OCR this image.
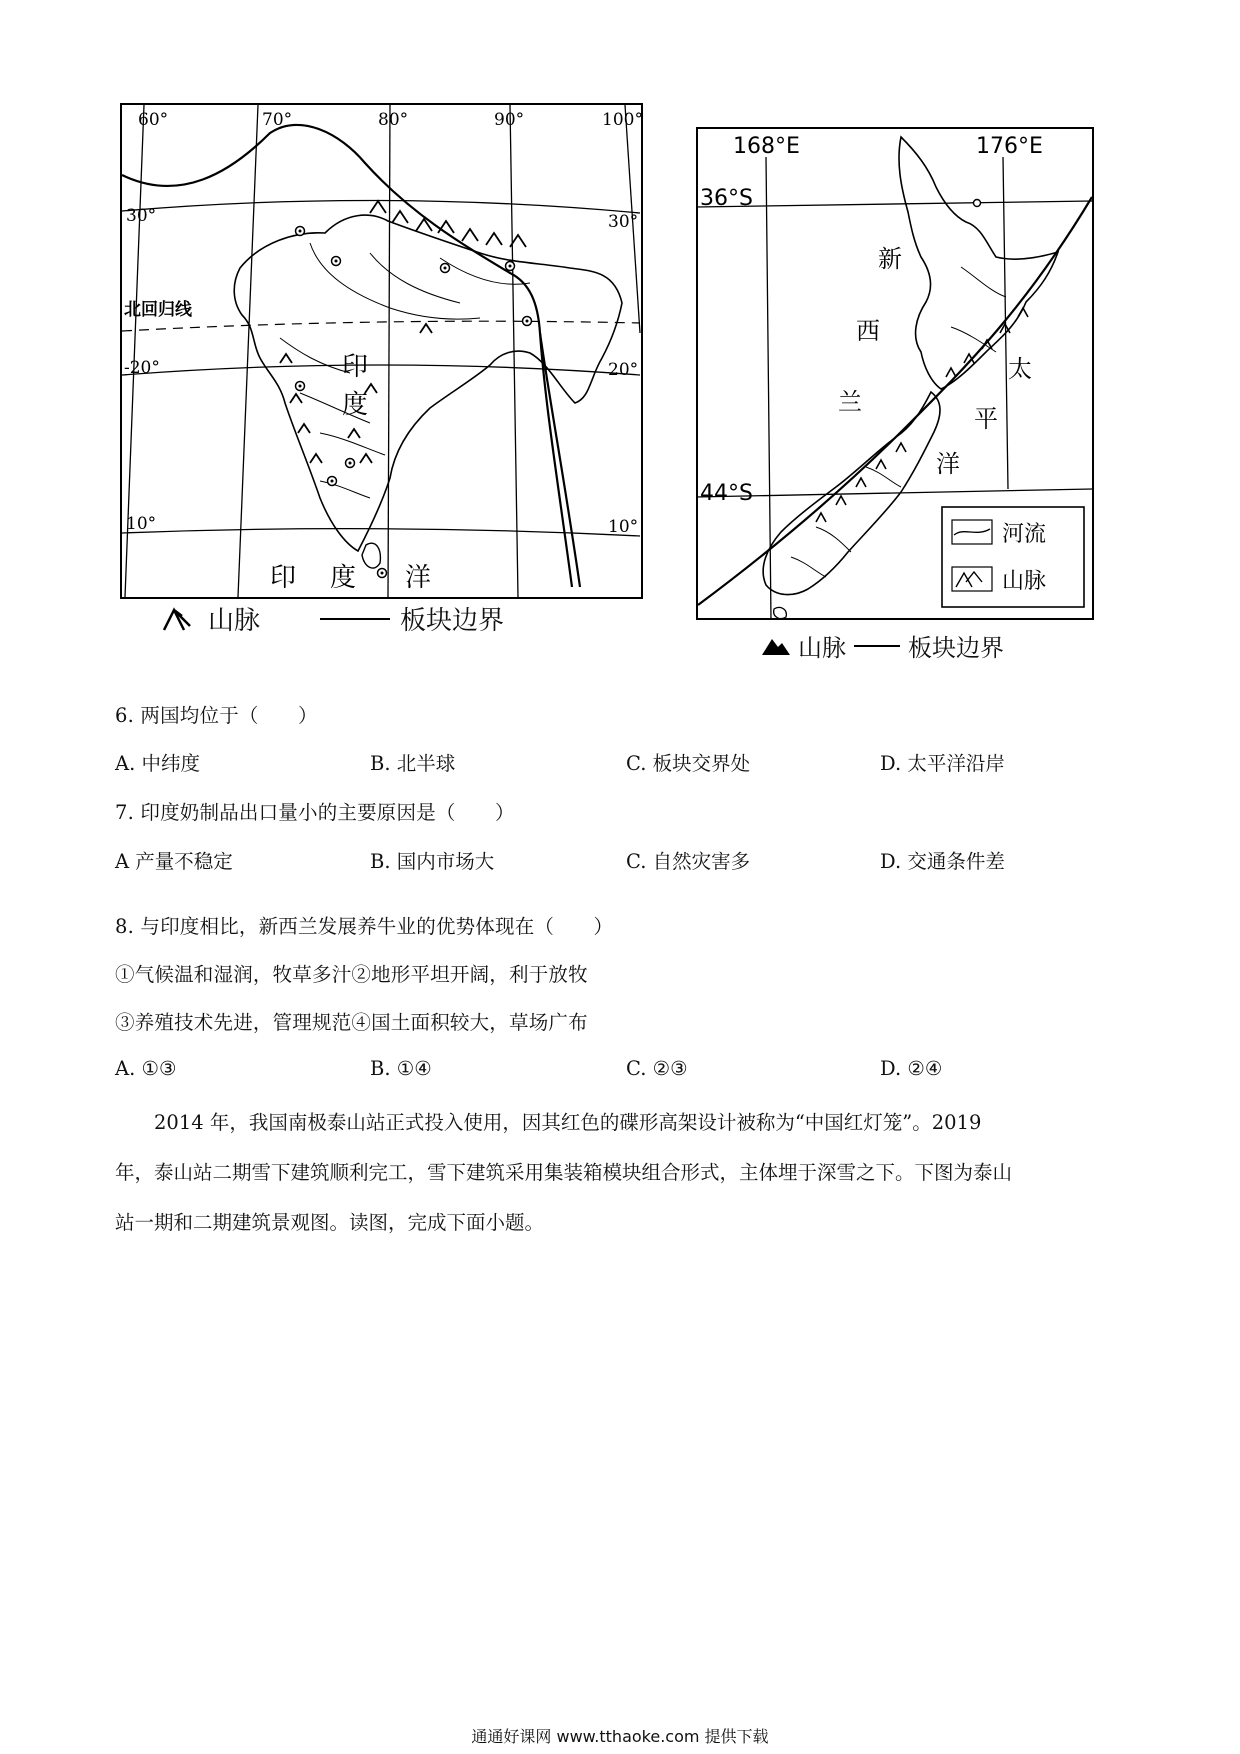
60°	70°	80°	90°	100°
30°	30°
-20°	20°
10°	10°
北回归线
印
度
印 度 洋
山脉	板块边界
168°E	176°E
36°S
44°S
新
西
兰
太
平
洋
河流
山脉
山脉	板块边界
6. 两国均位于（　　）
A. 中纬度	B. 北半球	C. 板块交界处	D. 太平洋沿岸
7. 印度奶制品出口量小的主要原因是（　　）
A 产量不稳定	B. 国内市场大	C. 自然灾害多	D. 交通条件差
8. 与印度相比，新西兰发展养牛业的优势体现在（　　）
①气候温和湿润，牧草多汁②地形平坦开阔，利于放牧
③养殖技术先进，管理规范④国土面积较大，草场广布
A. ①③	B. ①④	C. ②③	D. ②④
　　2014 年，我国南极泰山站正式投入使用，因其红色的碟形高架设计被称为“中国红灯笼”。2019
年，泰山站二期雪下建筑顺利完工，雪下建筑采用集装箱模块组合形式，主体埋于深雪之下。下图为泰山
站一期和二期建筑景观图。读图，完成下面小题。
通通好课网 www.tthaoke.com 提供下载
